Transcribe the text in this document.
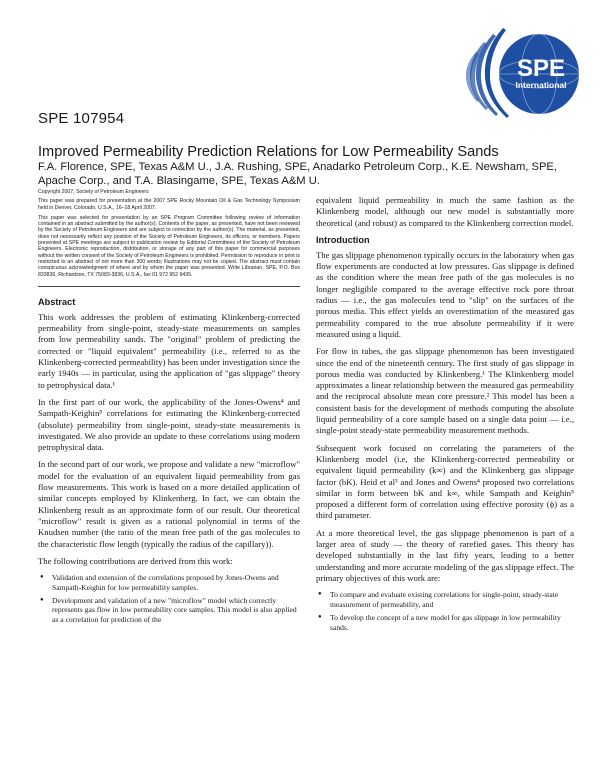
SPE
International
SPE 107954
Improved Permeability Prediction Relations for Low Permeability Sands
F.A. Florence, SPE, Texas A&M U., J.A. Rushing, SPE, Anadarko Petroleum Corp., K.E. Newsham, SPE, Apache Corp., and T.A. Blasingame, SPE, Texas A&M U.

Copyright 2007, Society of Petroleum Engineers

This paper was prepared for presentation at the 2007 SPE Rocky Mountain Oil & Gas Technology Symposium held in Denver, Colorado, U.S.A., 16–18 April 2007.

This paper was selected for presentation by an SPE Program Committee following review of information contained in an abstract submitted by the author(s). Contents of the paper, as presented, have not been reviewed by the Society of Petroleum Engineers and are subject to correction by the author(s). The material, as presented, does not necessarily reflect any position of the Society of Petroleum Engineers, its officers, or members. Papers presented at SPE meetings are subject to publication review by Editorial Committees of the Society of Petroleum Engineers. Electronic reproduction, distribution, or storage of any part of this paper for commercial purposes without the written consent of the Society of Petroleum Engineers is prohibited. Permission to reproduce in print is restricted to an abstract of not more than 300 words; illustrations may not be copied. The abstract must contain conspicuous acknowledgment of where and by whom the paper was presented. Write Librarian, SPE, P.O. Box 833836, Richardson, TX 75083-3836, U.S.A., fax 01 972 952 9435.

Abstract

This work addresses the problem of estimating Klinkenberg-corrected permeability from single-point, steady-state measurements on samples from low permeability sands. The "original" problem of predicting the corrected or "liquid equivalent" permeability (i.e., referred to as the Klinkenberg-corrected permeability) has been under investigation since the early 1940s — in particular, using the application of "gas slippage" theory to petrophysical data.¹

In the first part of our work, the applicability of the Jones-Owens⁴ and Sampath-Keighin⁵ correlations for estimating the Klinkenberg-corrected (absolute) permeability from single-point, steady-state measurements is investigated. We also provide an update to these correlations using modern petrophysical data.

In the second part of our work, we propose and validate a new "microflow" model for the evaluation of an equivalent liquid permeability from gas flow measurements. This work is based on a more detailed application of similar concepts employed by Klinkenberg. In fact, we can obtain the Klinkenberg result as an approximate form of our result. Our theoretical "microflow" result is given as a rational polynomial in terms of the Knudsen number (the ratio of the mean free path of the gas molecules to the characteristic flow length (typically the radius of the capillary)).

The following contributions are derived from this work:

● Validation and extension of the correlations proposed by Jones-Owens and Sampath-Keighin for low permeability samples.
● Development and validation of a new "microflow" model which correctly represents gas flow in low permeability core samples. This model is also applied as a correlation for prediction of the

equivalent liquid permeability in much the same fashion as the Klinkenberg model, although our new model is substantially more theoretical (and robust) as compared to the Klinkenberg correction model.

Introduction

The gas slippage phenomenon typically occurs in the laboratory when gas flow experiments are conducted at low pressures. Gas slippage is defined as the condition where the mean free path of the gas molecules is no longer negligible compared to the average effective rock pore throat radius — i.e., the gas molecules tend to "slip" on the surfaces of the porous media. This effect yields an overestimation of the measured gas permeability compared to the true absolute permeability if it were measured using a liquid.

For flow in tubes, the gas slippage phenomenon has been investigated since the end of the nineteenth century. The first study of gas slippage in porous media was conducted by Klinkenberg.¹ The Klinkenberg model approximates a linear relationship between the measured gas permeability and the reciprocal absolute mean core pressure.² This model has been a consistent basis for the development of methods computing the absolute liquid permeability of a core sample based on a single data point — i.e., single-point steady-state permeability measurement methods.

Subsequent work focused on correlating the parameters of the Klinkenberg model (i.e, the Klinkenberg-corrected permeability or equivalent liquid permeability (k∞) and the Klinkenberg gas slippage factor (bK). Heid et al³ and Jones and Owens⁴ proposed two correlations similar in form between bK and k∞, while Sampath and Keighin⁵ proposed a different form of correlation using effective porosity (ϕ) as a third parameter.

At a more theoretical level, the gas slippage phenomenon is part of a larger area of study — the theory of rarefied gases. This theory has developed substantially in the last fifty years, leading to a better understanding and more accurate modeling of the gas slippage effect. The primary objectives of this work are:

● To compare and evaluate existing correlations for single-point, steady-state measurement of permeability, and
● To develop the concept of a new model for gas slippage in low permeability sands.
